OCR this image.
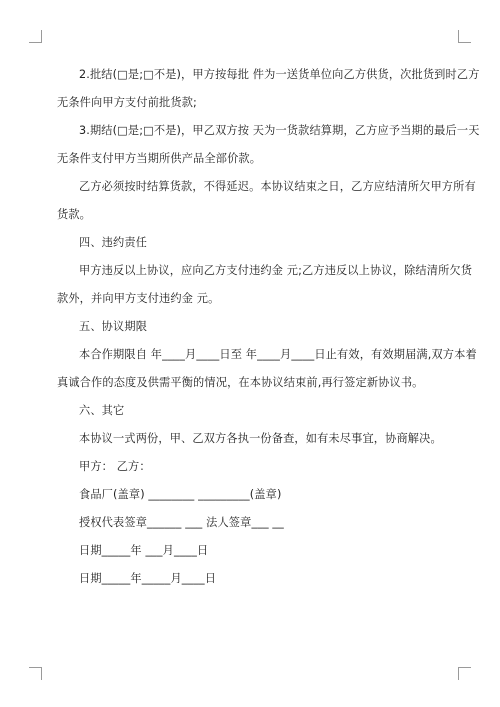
2.批结(□是;□不是)，甲方按每批 件为一送货单位向乙方供货，次批货到时乙方
无条件向甲方支付前批货款;
3.期结(□是;□不是)，甲乙双方按 天为一货款结算期，乙方应予当期的最后一天
无条件支付甲方当期所供产品全部价款。
乙方必须按时结算货款，不得延迟。本协议结束之日，乙方应结清所欠甲方所有
货款。
四、违约责任
甲方违反以上协议，应向乙方支付违约金 元;乙方违反以上协议，除结清所欠货
款外，并向甲方支付违约金 元。
五、协议期限
本合作期限自 年____月____日至 年____月____日止有效，有效期届满,双方本着
真诚合作的态度及供需平衡的情况，在本协议结束前,再行签定新协议书。
六、其它
本协议一式两份，甲、乙双方各执一份备查，如有未尽事宜，协商解决。
甲方： 乙方：
食品厂(盖章) ________ _________(盖章)
授权代表签章______ ___ 法人签章___ __
日期_____年 ___月____日
日期_____年_____月____日
